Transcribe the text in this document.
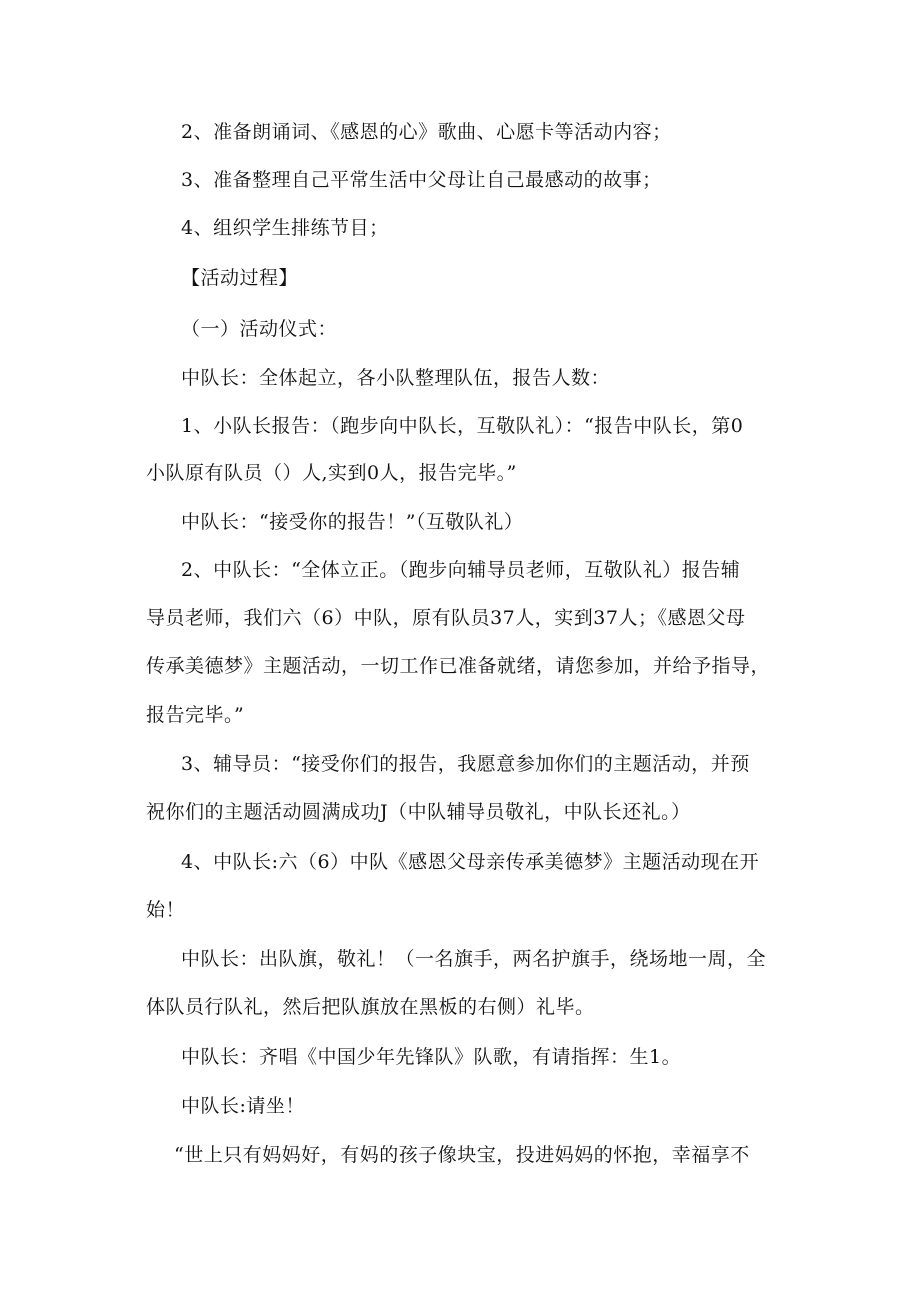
2、准备朗诵词、《感恩的心》歌曲、心愿卡等活动内容；
3、准备整理自己平常生活中父母让自己最感动的故事；
4、组织学生排练节目；
【活动过程】
（一）活动仪式：
中队长：全体起立，各小队整理队伍，报告人数：
1、小队长报告：（跑步向中队长，互敬队礼）：“报告中队长，第0
小队原有队员（）人,实到0人，报告完毕。”
中队长：“接受你的报告！”（互敬队礼）
2、中队长：“全体立正。（跑步向辅导员老师，互敬队礼）报告辅
导员老师，我们六（6）中队，原有队员37人，实到37人；《感恩父母
传承美德梦》主题活动，一切工作已准备就绪，请您参加，并给予指导，
报告完毕。”
3、辅导员：“接受你们的报告，我愿意参加你们的主题活动，并预
祝你们的主题活动圆满成功J（中队辅导员敬礼，中队长还礼。）
4、中队长:六（6）中队《感恩父母亲传承美德梦》主题活动现在开
始！
中队长：出队旗，敬礼！（一名旗手，两名护旗手，绕场地一周，全
体队员行队礼，然后把队旗放在黑板的右侧）礼毕。
中队长：齐唱《中国少年先锋队》队歌，有请指挥：生1。
中队长:请坐！
“世上只有妈妈好，有妈的孩子像块宝，投进妈妈的怀抱，幸福享不
